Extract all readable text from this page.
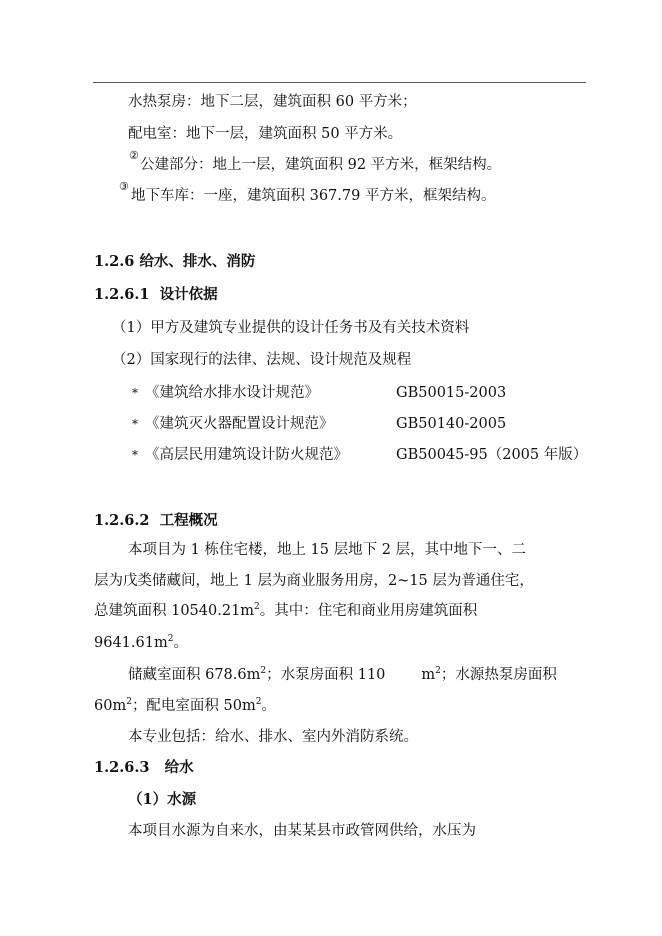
水热泵房：地下二层，建筑面积 60 平方米；
配电室：地下一层，建筑面积 50 平方米。
②
公建部分：地上一层，建筑面积 92 平方米，框架结构。
③
地下车库：一座，建筑面积 367.79 平方米，框架结构。
1.2.6 给水、排水、消防
1.2.6.1 设计依据
（1）甲方及建筑专业提供的设计任务书及有关技术资料
（2）国家现行的法律、法规、设计规范及规程
* 《建筑给水排水设计规范》	GB50015-2003
* 《建筑灭火器配置设计规范》	GB50140-2005
* 《高层民用建筑设计防火规范》	GB50045-95（2005 年版）
1.2.6.2 工程概况
本项目为 1 栋住宅楼，地上 15 层地下 2 层，其中地下一、二
层为戊类储藏间，地上 1 层为商业服务用房，2~15 层为普通住宅，
总建筑面积 $10540.21m^2$。其中：住宅和商业用房建筑面积
$9641.61m^2$。
储藏室面积 $678.6m^2$；水泵房面积 110 $m^2$；水源热泵房面积
$60m^2$；配电室面积 $50m^2$。
本专业包括：给水、排水、室内外消防系统。
1.2.6.3 给水
（1）水源
本项目水源为自来水，由某某县市政管网供给，水压为
